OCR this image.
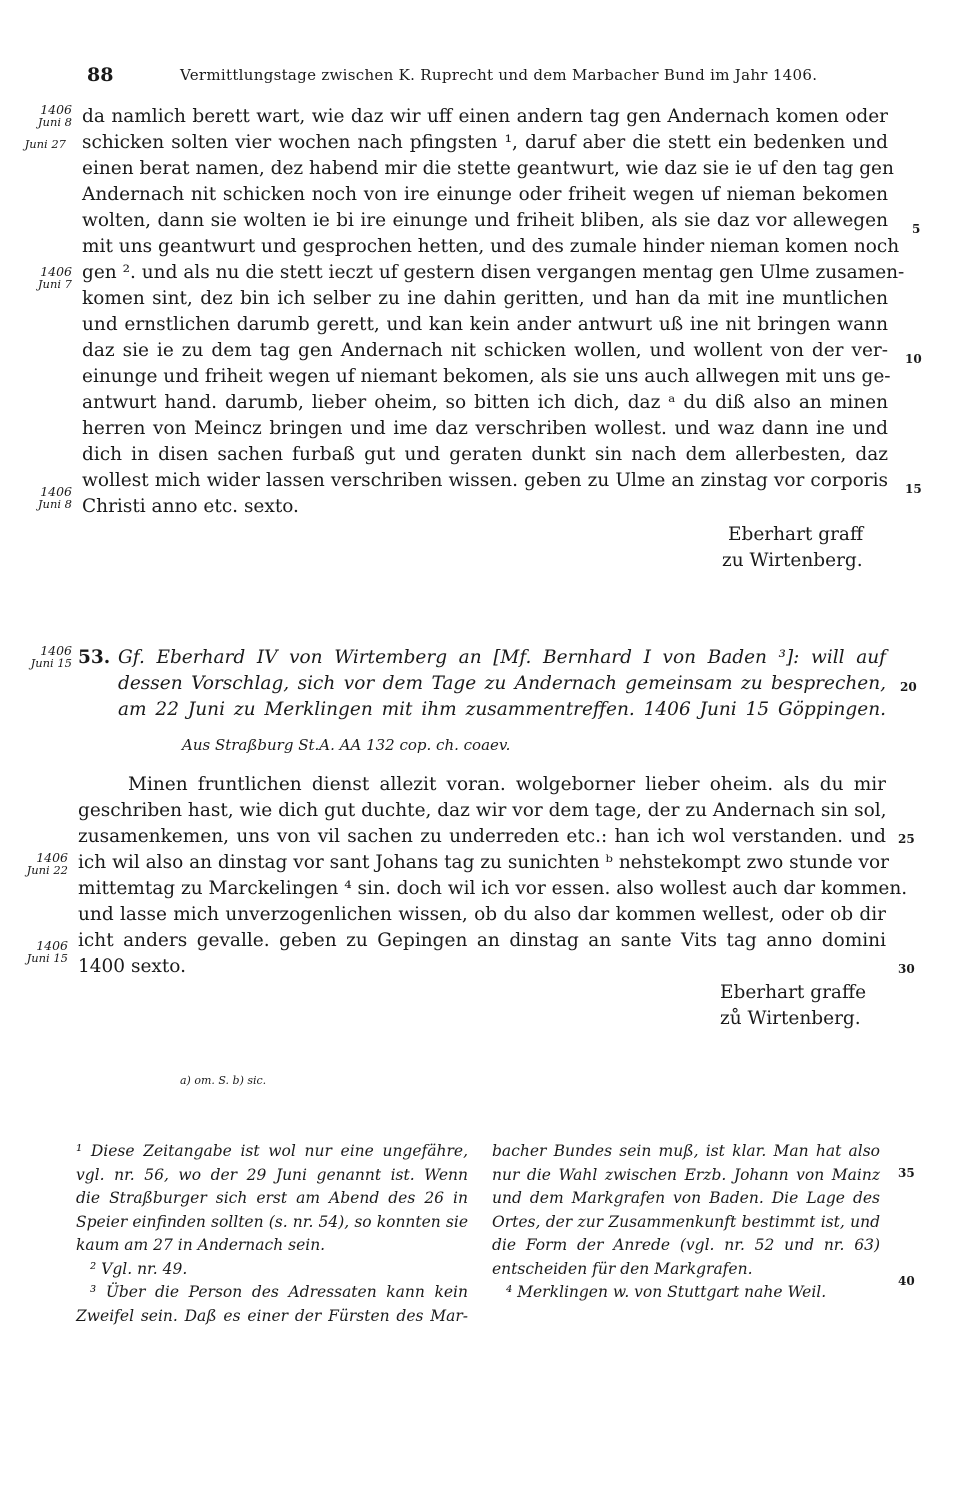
88	Vermittlungstage zwischen K. Ruprecht und dem Marbacher Bund im Jahr 1406.
da namlich berett wart, wie daz wir uff einen andern tag gen Andernach komen oder
schicken solten vier wochen nach pfingsten ¹, daruf aber die stett ein bedenken und
einen berat namen, dez habend mir die stette geantwurt, wie daz sie ie uf den tag gen
Andernach nit schicken noch von ire einunge oder friheit wegen uf nieman bekomen
wolten, dann sie wolten ie bi ire einunge und friheit bliben, als sie daz vor allewegen
mit uns geantwurt und gesprochen hetten, und des zumale hinder nieman komen noch
gen ². und als nu die stett ieczt uf gestern disen vergangen mentag gen Ulme zusamen-
komen sint, dez bin ich selber zu ine dahin geritten, und han da mit ine muntlichen
und ernstlichen darumb gerett, und kan kein ander antwurt uß ine nit bringen wann
daz sie ie zu dem tag gen Andernach nit schicken wollen, und wollent von der ver-
einunge und friheit wegen uf niemant bekomen, als sie uns auch allwegen mit uns ge-
antwurt hand. darumb, lieber oheim, so bitten ich dich, daz ᵃ du diß also an minen
herren von Meincz bringen und ime daz verschriben wollest. und waz dann ine und
dich in disen sachen furbaß gut und geraten dunkt sin nach dem allerbesten, daz
wollest mich wider lassen verschriben wissen. geben zu Ulme an zinstag vor corporis
Christi anno etc. sexto.
Eberhart graff
zu Wirtenberg.
1406
Juni 8
Juni 27
1406
Juni 7
1406
Juni 8
5
10
15
1406
Juni 15 53. Gf. Eberhard IV von Wirtemberg an [Mf. Bernhard I von Baden ³]: will auf
dessen Vorschlag, sich vor dem Tage zu Andernach gemeinsam zu besprechen,
am 22 Juni zu Merklingen mit ihm zusammentreffen. 1406 Juni 15 Göppingen.
Aus Straßburg St.A. AA 132 cop. ch. coaev.
Minen fruntlichen dienst allezit voran. wolgeborner lieber oheim. als du mir
geschriben hast, wie dich gut duchte, daz wir vor dem tage, der zu Andernach sin sol,
zusamenkemen, uns von vil sachen zu underreden etc.: han ich wol verstanden. und
ich wil also an dinstag vor sant Johans tag zu sunichten ᵇ nehstekompt zwo stunde vor
mittemtag zu Marckelingen ⁴ sin. doch wil ich vor essen. also wollest auch dar kommen.
und lasse mich unverzogenlichen wissen, ob du also dar kommen wellest, oder ob dir
icht anders gevalle. geben zu Gepingen an dinstag an sante Vits tag anno domini
1400 sexto.
Eberhart graffe
zů Wirtenberg.
1406
Juni 22
1406
Juni 15
20
25
30
a) om. S. b) sic.
¹ Diese Zeitangabe ist wol nur eine ungefähre,
vgl. nr. 56, wo der 29 Juni genannt ist. Wenn
die Straßburger sich erst am Abend des 26 in
Speier einfinden sollten (s. nr. 54), so konnten sie
kaum am 27 in Andernach sein.
² Vgl. nr. 49.
³ Über die Person des Adressaten kann kein
Zweifel sein. Daß es einer der Fürsten des Mar-
bacher Bundes sein muß, ist klar. Man hat also
nur die Wahl zwischen Erzb. Johann von Mainz
und dem Markgrafen von Baden. Die Lage des
Ortes, der zur Zusammenkunft bestimmt ist, und
die Form der Anrede (vgl. nr. 52 und nr. 63)
entscheiden für den Markgrafen.
⁴ Merklingen w. von Stuttgart nahe Weil.
35
40
